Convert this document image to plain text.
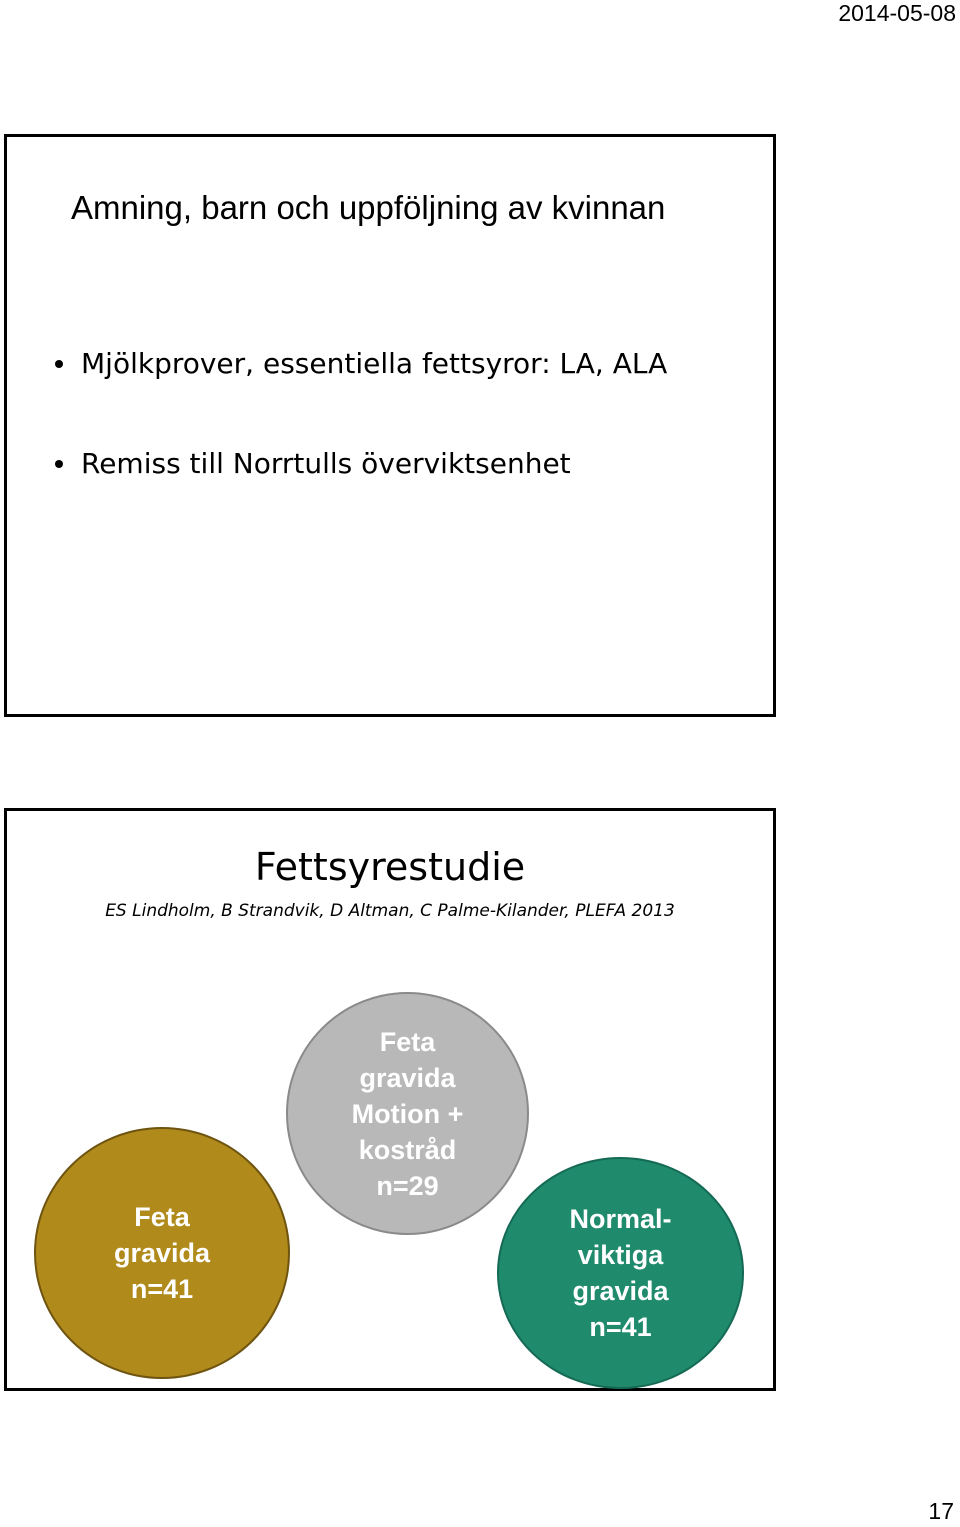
2014-05-08
Amning, barn och uppföljning av kvinnan
Mjölkprover, essentiella fettsyror: LA, ALA
Remiss till Norrtulls överviktsenhet
Fettsyrestudie
ES Lindholm, B Strandvik, D Altman, C Palme-Kilander, PLEFA 2013
Feta
gravida
Motion +
kostråd
n=29
Feta
gravida
n=41
Normal-
viktiga
gravida
n=41
17
